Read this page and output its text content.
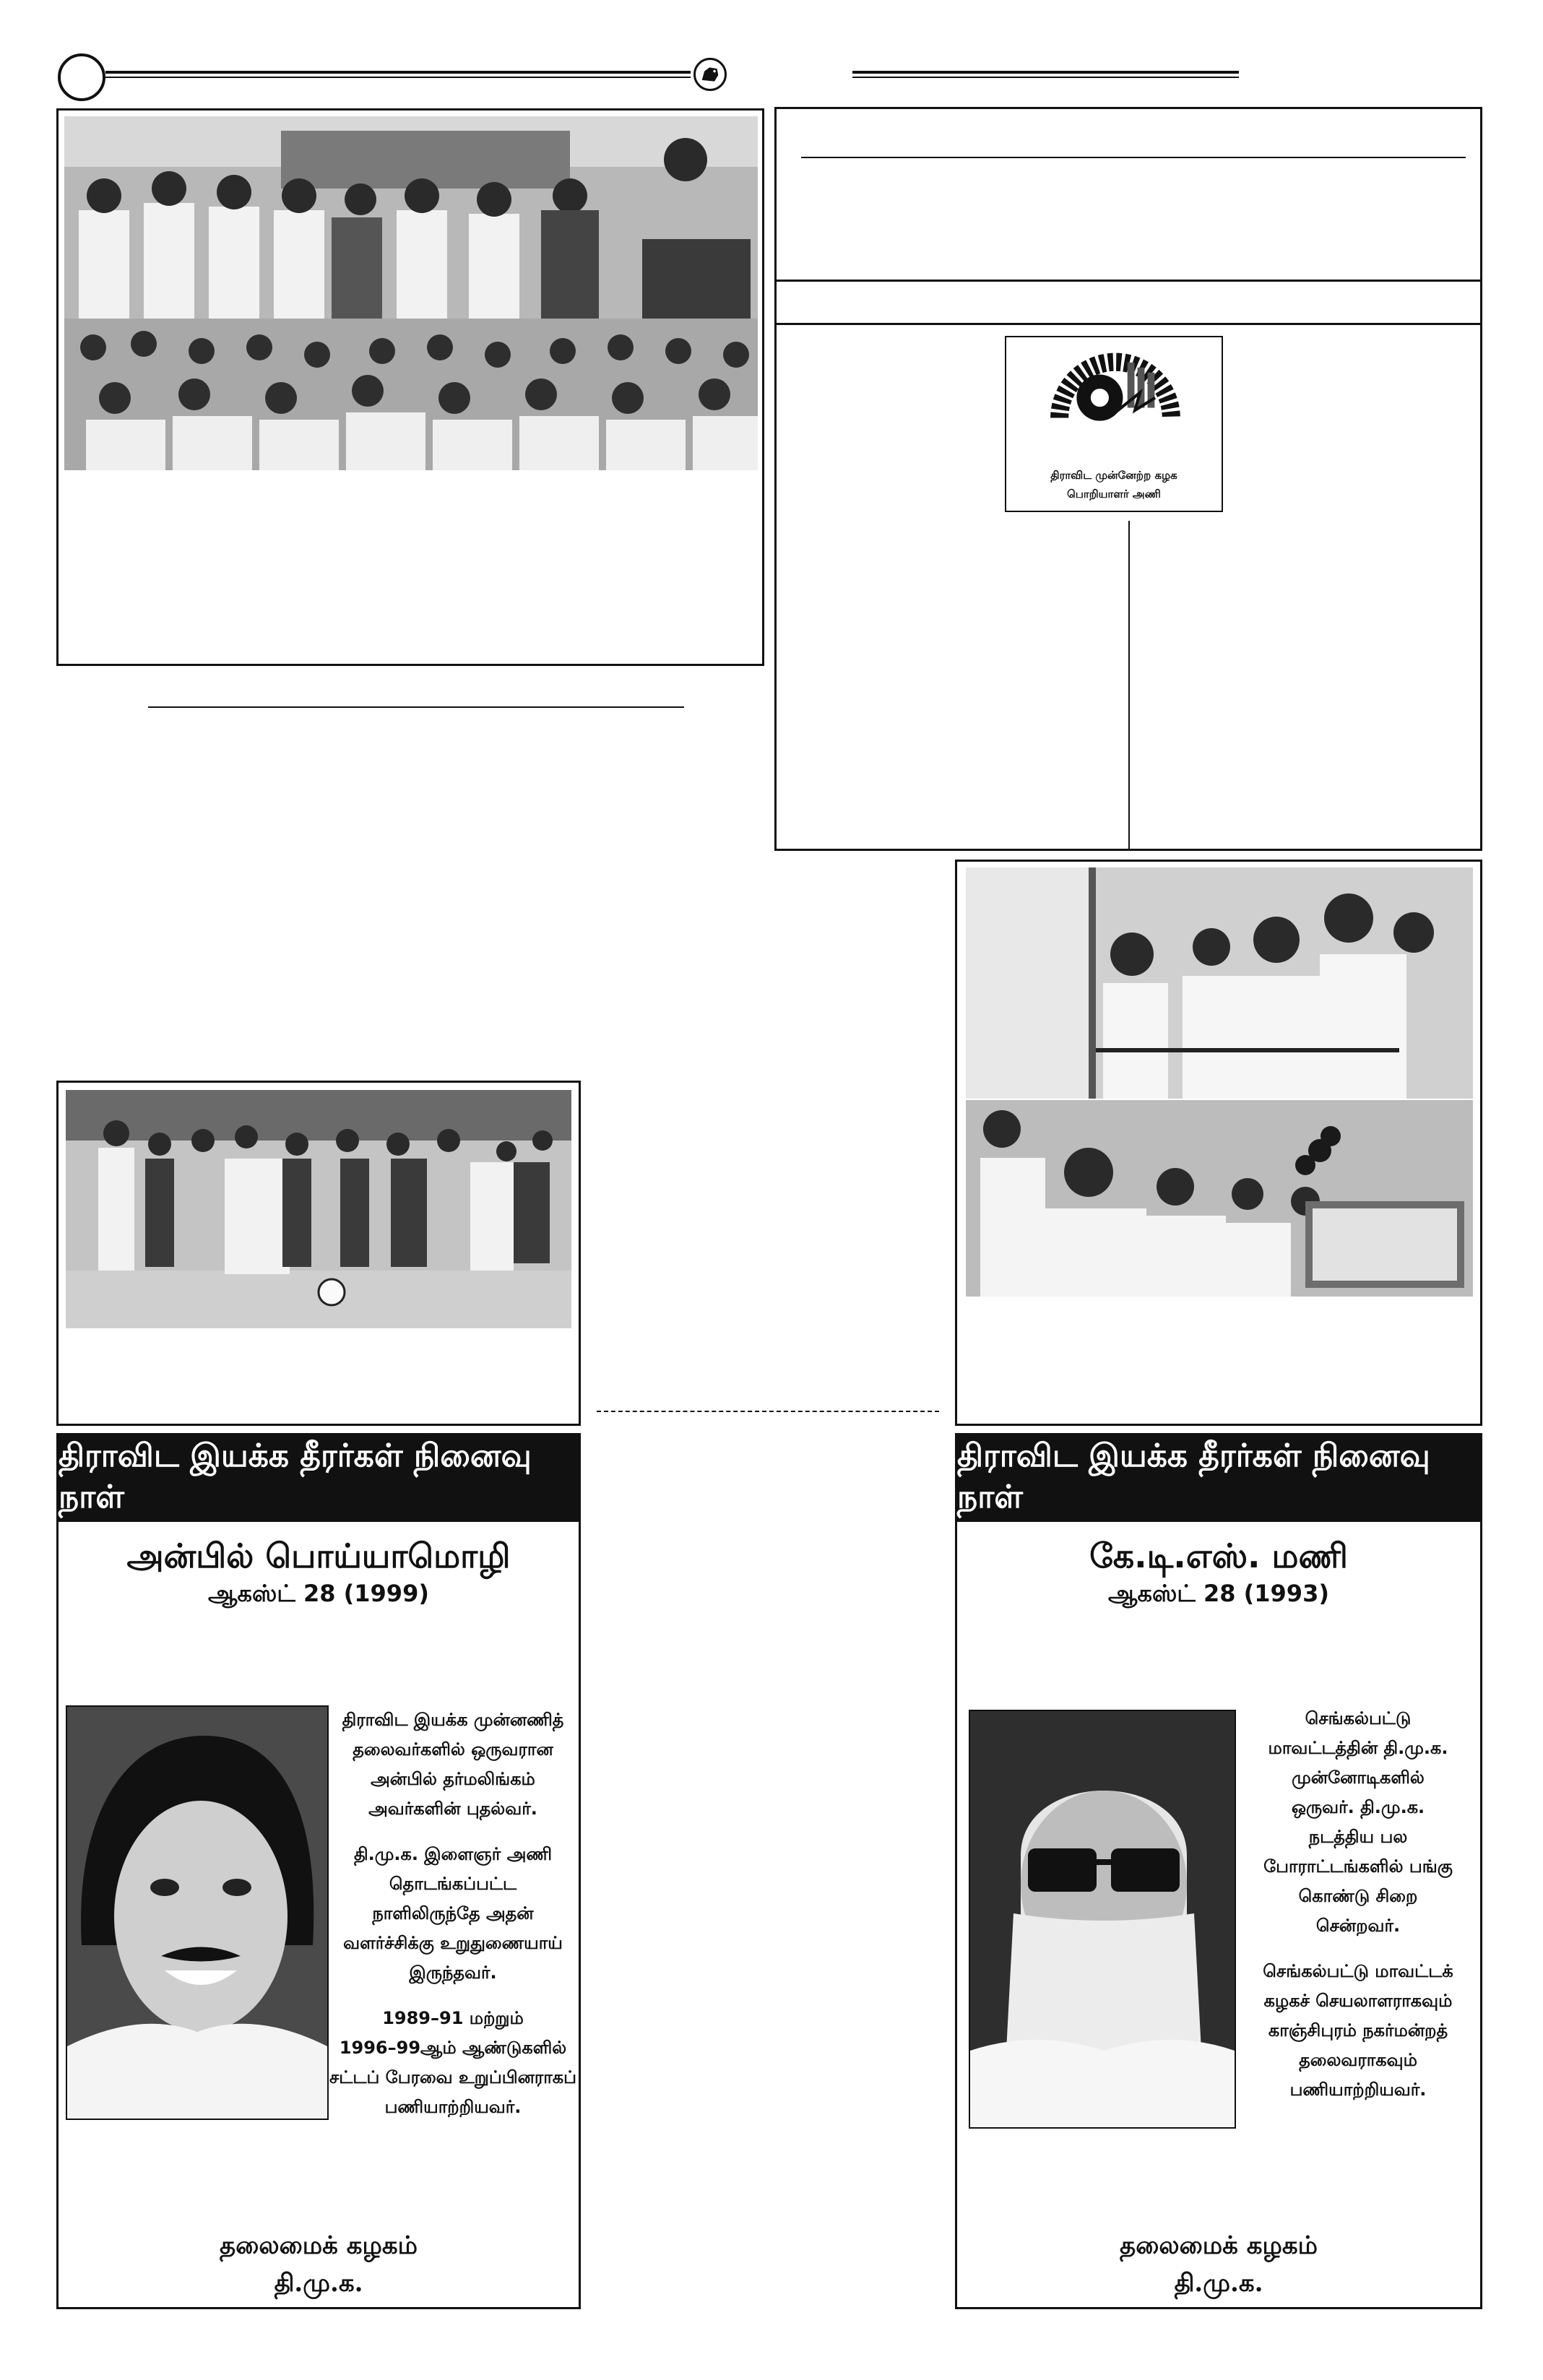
திராவிட முன்னேற்ற கழக
பொறியாளர் அணி
திராவிட இயக்க தீரர்கள் நினைவு நாள்
அன்பில் பொய்யாமொழி
ஆகஸ்ட் 28 (1999)

திராவிட இயக்க முன்னணித்
தலைவர்களில் ஒருவரான
அன்பில் தர்மலிங்கம்
அவர்களின் புதல்வர்.

தி.மு.க. இளைஞர் அணி
தொடங்கப்பட்ட
நாளிலிருந்தே அதன்
வளர்ச்சிக்கு உறுதுணையாய்
இருந்தவர்.

1989–91 மற்றும்
1996–99ஆம் ஆண்டுகளில்
சட்டப் பேரவை உறுப்பினராகப்
பணியாற்றியவர்.

தலைமைக் கழகம்
தி.மு.க.
திராவிட இயக்க தீரர்கள் நினைவு நாள்
கே.டி.எஸ். மணி
ஆகஸ்ட் 28 (1993)

செங்கல்பட்டு
மாவட்டத்தின் தி.மு.க.
முன்னோடிகளில்
ஒருவர். தி.மு.க.
நடத்திய பல
போராட்டங்களில் பங்கு
கொண்டு சிறை
சென்றவர்.

செங்கல்பட்டு மாவட்டக்
கழகச் செயலாளராகவும்
காஞ்சிபுரம் நகர்மன்றத்
தலைவராகவும்
பணியாற்றியவர்.

தலைமைக் கழகம்
தி.மு.க.
